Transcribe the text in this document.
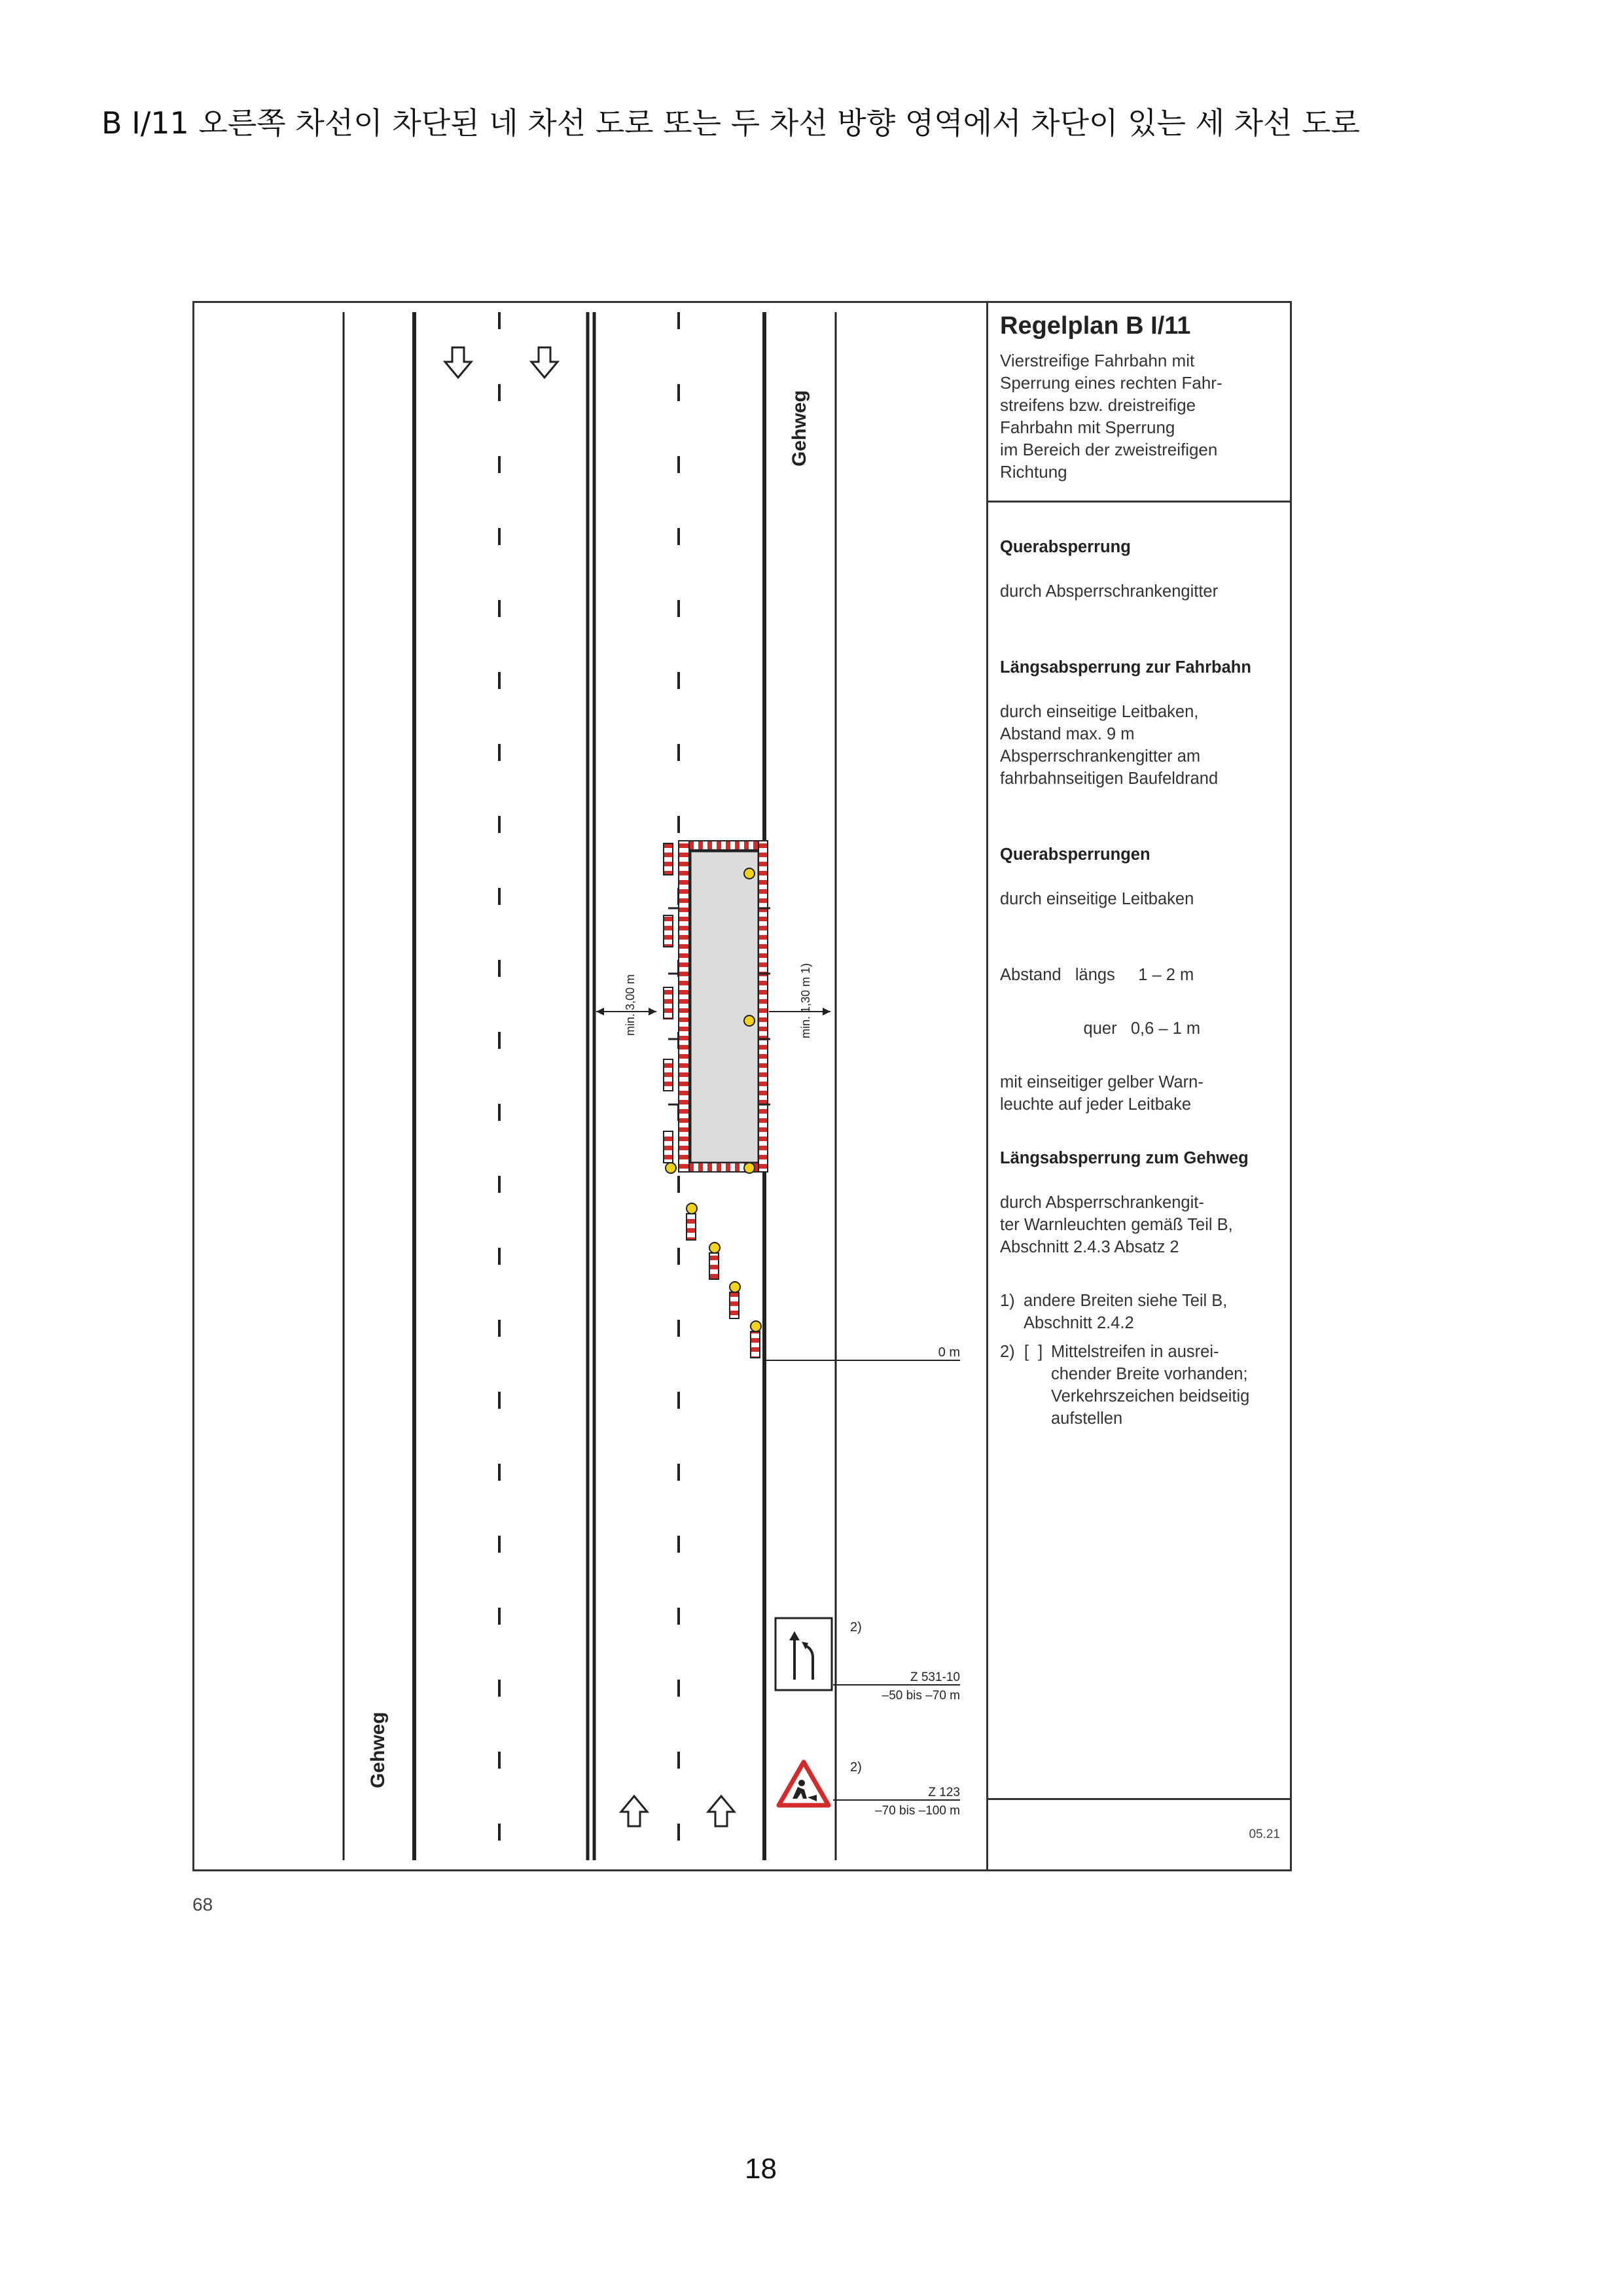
B I/11 오른쪽 차선이 차단된 네 차선 도로 또는 두 차선 방향 영역에서 차단이 있는 세 차선 도로
Gehweg
Gehweg
min. 3,00 m	min. 1,30 m 1)
0 m
2)
Z 531-10
–50 bis –70 m
2)
Z 123
–70 bis –100 m
Regelplan B I/11
Vierstreifige Fahrbahn mit
Sperrung eines rechten Fahr-
streifens bzw. dreistreifige
Fahrbahn mit Sperrung
im Bereich der zweistreifigen
Richtung

Querabsperrung

durch Absperrschrankengitter

Längsabsperrung zur Fahrbahn

durch einseitige Leitbaken,
Abstand max. 9 m
Absperrschrankengitter am
fahrbahnseitigen Baufeldrand

Querabsperrungen

durch einseitige Leitbaken

Abstand längs 1 – 2 m

quer 0,6 – 1 m

mit einseitiger gelber Warn-
leuchte auf jeder Leitbake

Längsabsperrung zum Gehweg

durch Absperrschrankengit-
ter Warnleuchten gemäß Teil B,
Abschnitt 2.4.3 Absatz 2

1) andere Breiten siehe Teil B,
Abschnitt 2.4.2
2)  [  ] Mittelstreifen in ausrei-
chender Breite vorhanden;
Verkehrszeichen beidseitig
aufstellen
05.21
68
18
